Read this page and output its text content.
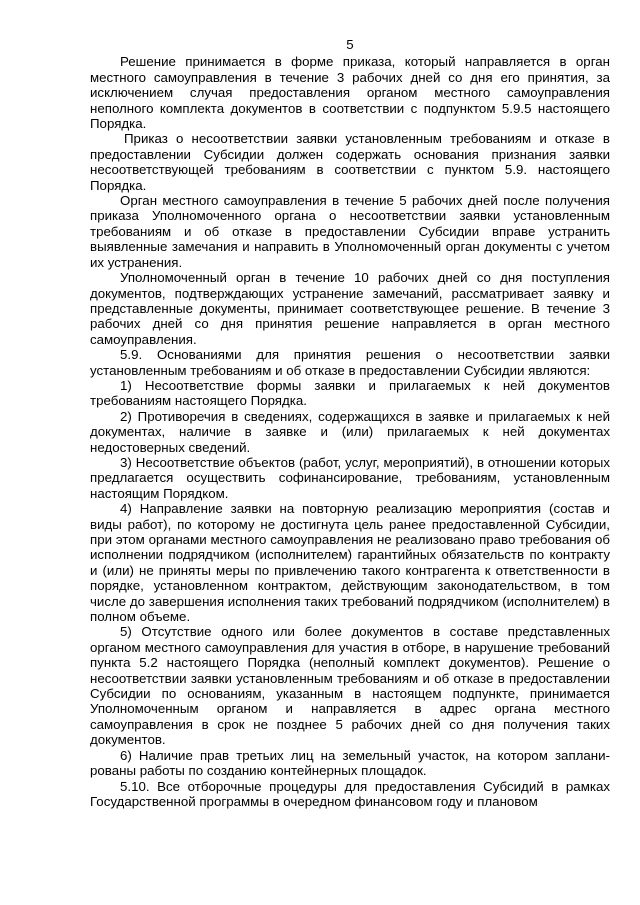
5

Решение принимается в форме приказа, который направляется в орган местного самоуправления в течение 3 рабочих дней со дня его принятия, за исключением случая предоставления органом местного самоуправления неполного комплекта документов в соответствии с подпунктом 5.9.5 настоящего Порядка.

Приказ о несоответствии заявки установленным требованиям и отказе в предоставлении Субсидии должен содержать основания признания заявки несоответствующей требованиям в соответствии с пунктом 5.9. настоящего Порядка.

Орган местного самоуправления в течение 5 рабочих дней после получения приказа Уполномоченного органа о несоответствии заявки установленным требованиям и об отказе в предоставлении Субсидии вправе устранить выявленные замечания и направить в Уполномоченный орган документы с учетом их устранения.

Уполномоченный орган в течение 10 рабочих дней со дня поступления документов, подтверждающих устранение замечаний, рассматривает заявку и представленные документы, принимает соответствующее решение. В течение 3 рабочих дней со дня принятия решение направляется в орган местного самоуправления.

5.9. Основаниями для принятия решения о несоответствии заявки установленным требованиям и об отказе в предоставлении Субсидии являются:

1) Несоответствие формы заявки и прилагаемых к ней документов требованиям настоящего Порядка.

2) Противоречия в сведениях, содержащихся в заявке и прилагаемых к ней документах, наличие в заявке и (или) прилагаемых к ней документах недостоверных сведений.

3) Несоответствие объектов (работ, услуг, мероприятий), в отношении которых предлагается осуществить софинансирование, требованиям, установленным настоящим Порядком.

4) Направление заявки на повторную реализацию мероприятия (состав и виды работ), по которому не достигнута цель ранее предоставленной Субсидии, при этом органами местного самоуправления не реализовано право требования об исполнении подрядчиком (исполнителем) гарантийных обязательств по контракту и (или) не приняты меры по привлечению такого контрагента к ответственности в порядке, установленном контрактом, действующим законодательством, в том числе до завершения исполнения таких требований подрядчиком (исполнителем) в полном объеме.

5) Отсутствие одного или более документов в составе представленных органом местного самоуправления для участия в отборе, в нарушение требований пункта 5.2 настоящего Порядка (неполный комплект документов). Решение о несоответствии заявки установленным требованиям и об отказе в предоставлении Субсидии по основаниям, указанным в настоящем подпункте, принимается Уполномоченным органом и направляется в адрес органа местного самоуправления в срок не позднее 5 рабочих дней со дня получения таких документов.

6) Наличие прав третьих лиц на земельный участок, на котором заплани-рованы работы по созданию контейнерных площадок.

5.10. Все отборочные процедуры для предоставления Субсидий в рамках Государственной программы в очередном финансовом году и плановом
